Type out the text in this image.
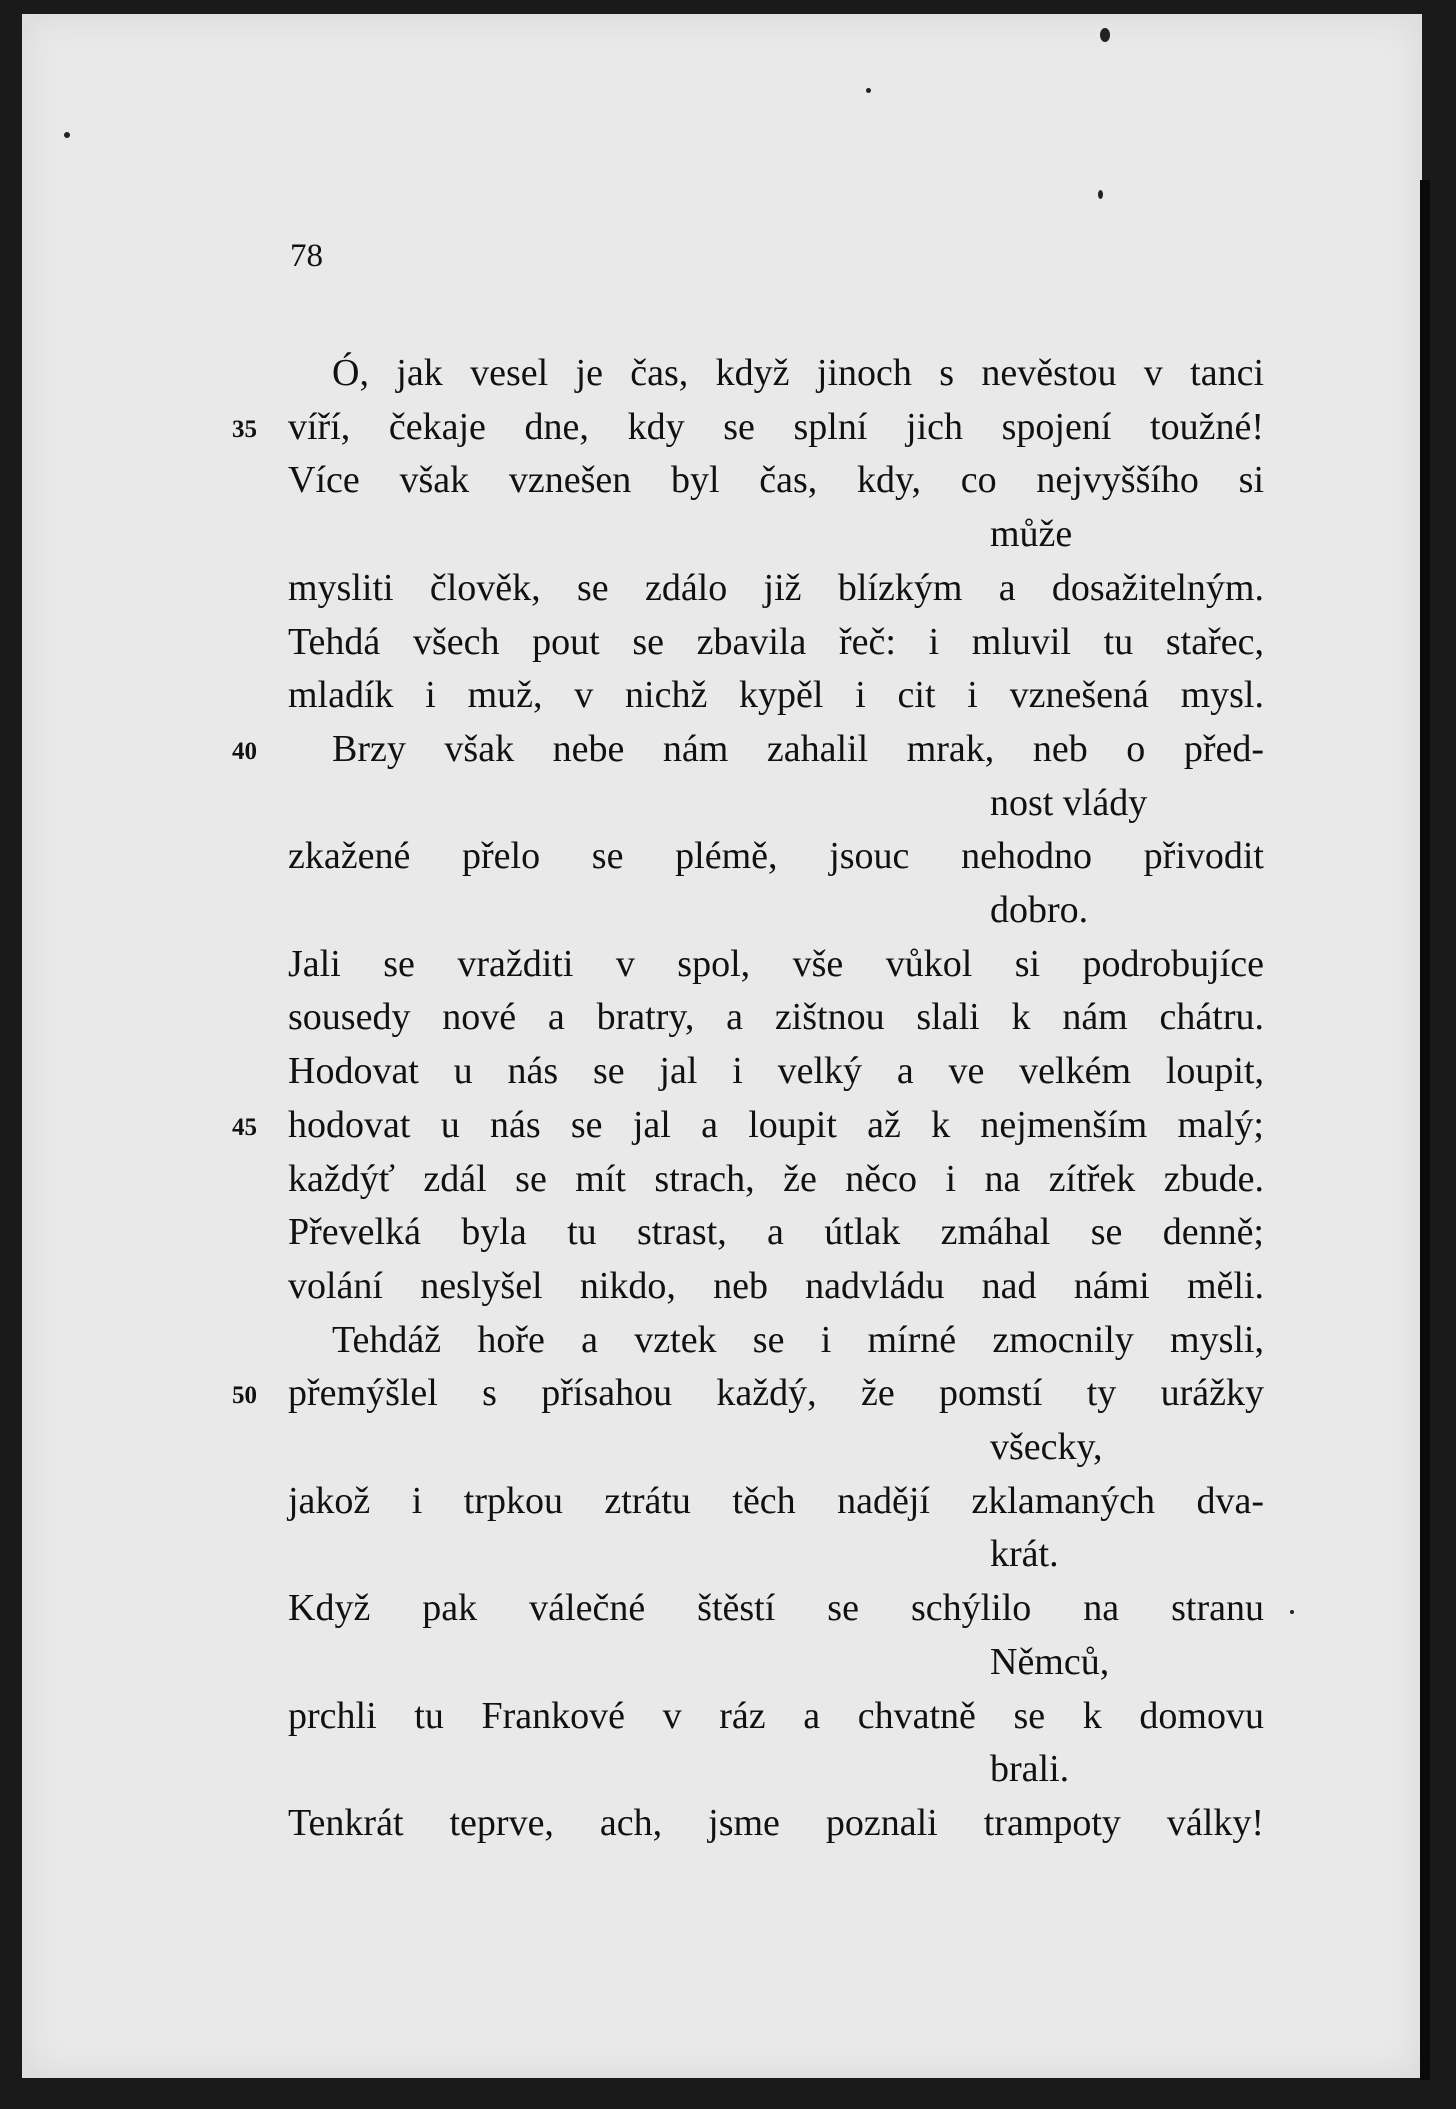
78
Ó, jak vesel je čas, když jinoch s nevěstou v tanci
víří, čekaje dne, kdy se splní jich spojení toužné!
35
Více však vznešen byl čas, kdy, co nejvyššího si
může
mysliti člověk, se zdálo již blízkým a dosažitelným.
Tehdá všech pout se zbavila řeč: i mluvil tu stařec,
mladík i muž, v nichž kypěl i cit i vznešená mysl.
Brzy však nebe nám zahalil mrak, neb o před-
40
nost vlády
zkažené přelo se plémě, jsouc nehodno přivodit
dobro.
Jali se vražditi v spol, vše vůkol si podrobujíce
sousedy nové a bratry, a zištnou slali k nám chátru.
Hodovat u nás se jal i velký a ve velkém loupit,
hodovat u nás se jal a loupit až k nejmenším malý;
45
každýť zdál se mít strach, že něco i na zítřek zbude.
Převelká byla tu strast, a útlak zmáhal se denně;
volání neslyšel nikdo, neb nadvládu nad námi měli.
Tehdáž hoře a vztek se i mírné zmocnily mysli,
přemýšlel s přísahou každý, že pomstí ty urážky
50
všecky,
jakož i trpkou ztrátu těch nadějí zklamaných dva-
krát.
Když pak válečné štěstí se schýlilo na stranu
Němců,
prchli tu Frankové v ráz a chvatně se k domovu
brali.
Tenkrát teprve, ach, jsme poznali trampoty války!
